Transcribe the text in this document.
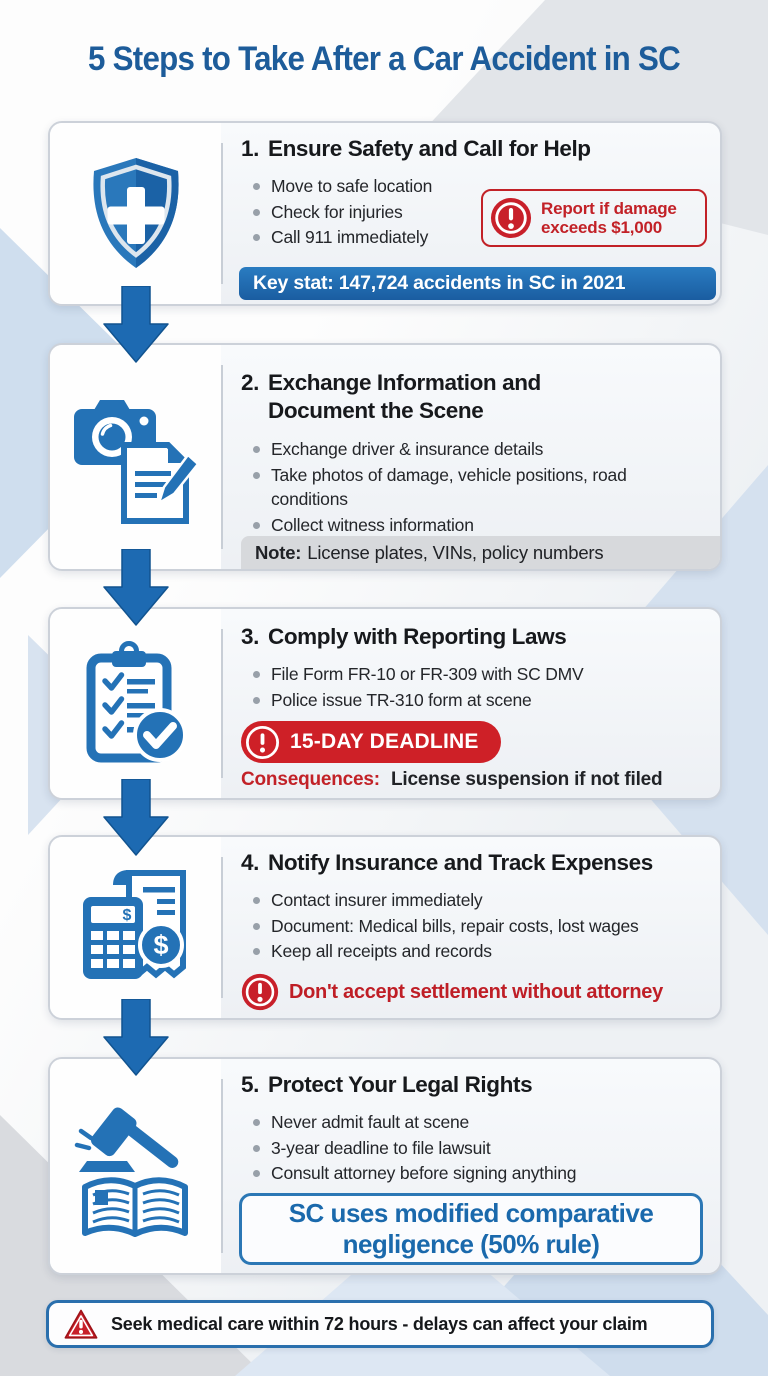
5 Steps to Take After a Car Accident in SC
1. Ensure Safety and Call for Help
Move to safe location
Check for injuries
Call 911 immediately
Report if damage exceeds $1,000
Key stat: 147,724 accidents in SC in 2021
2. Exchange Information and Document the Scene
Exchange driver & insurance details
Take photos of damage, vehicle positions, road conditions
Collect witness information
Note: License plates, VINs, policy numbers
3. Comply with Reporting Laws
File Form FR-10 or FR-309 with SC DMV
Police issue TR-310 form at scene
15-DAY DEADLINE

Consequences: License suspension if not filed

$
$
4. Notify Insurance and Track Expenses
Contact insurer immediately
Document: Medical bills, repair costs, lost wages
Keep all receipts and records
Don't accept settlement without attorney
5. Protect Your Legal Rights
Never admit fault at scene
3-year deadline to file lawsuit
Consult attorney before signing anything
SC uses modified comparative negligence (50% rule)
Seek medical care within 72 hours - delays can affect your claim
